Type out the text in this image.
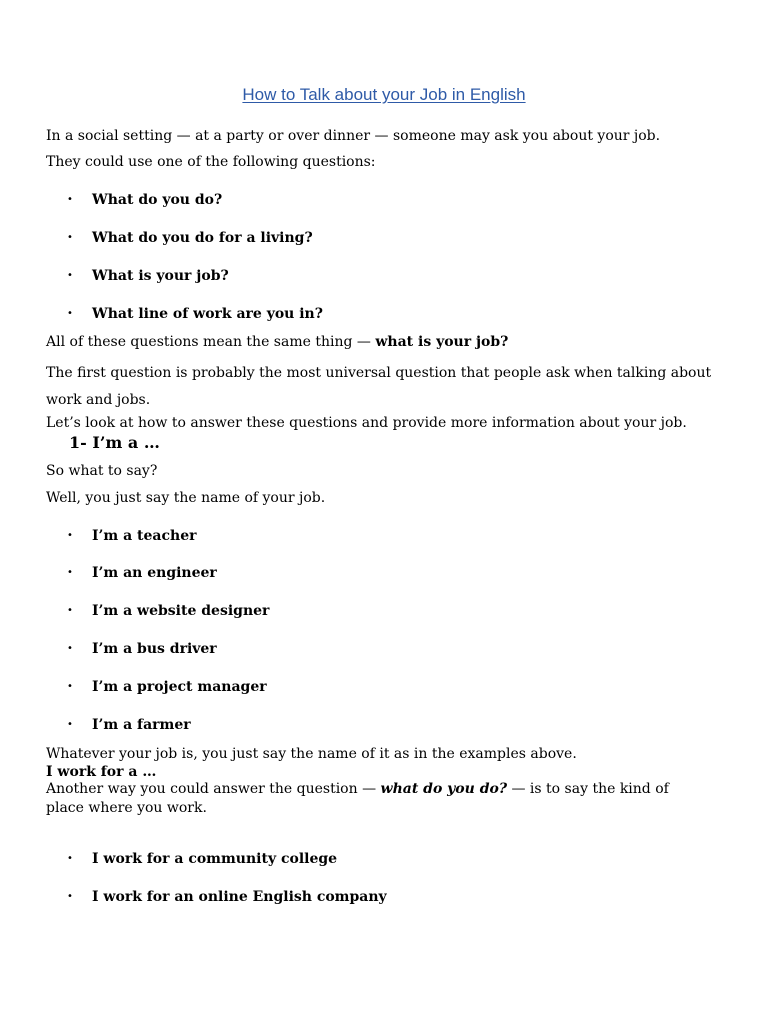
How to Talk about your Job in English

In a social setting — at a party or over dinner — someone may ask you about your job.

They could use one of the following questions:

• What do you do?
• What do you do for a living?
• What is your job?
• What line of work are you in?

All of these questions mean the same thing — what is your job?

The first question is probably the most universal question that people ask when talking about work and jobs.

Let’s look at how to answer these questions and provide more information about your job.

1- I’m a …

So what to say?

Well, you just say the name of your job.

• I’m a teacher
• I’m an engineer
• I’m a website designer
• I’m a bus driver
• I’m a project manager
• I’m a farmer

Whatever your job is, you just say the name of it as in the examples above.

I work for a …

Another way you could answer the question — what do you do? — is to say the kind of place where you work.

• I work for a community college
• I work for an online English company
